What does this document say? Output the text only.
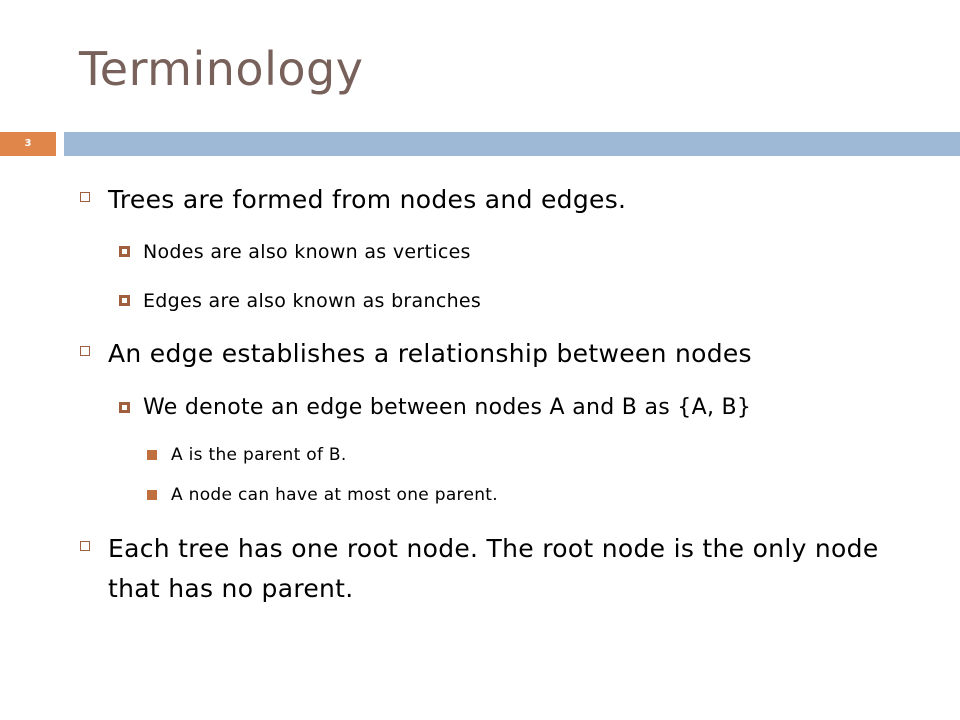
Terminology
3
Trees are formed from nodes and edges.
Nodes are also known as vertices
Edges are also known as branches
An edge establishes a relationship between nodes
We denote an edge between nodes A and B as {A, B}
A is the parent of B.
A node can have at most one parent.
Each tree has one root node. The root node is the only node that has no parent.
